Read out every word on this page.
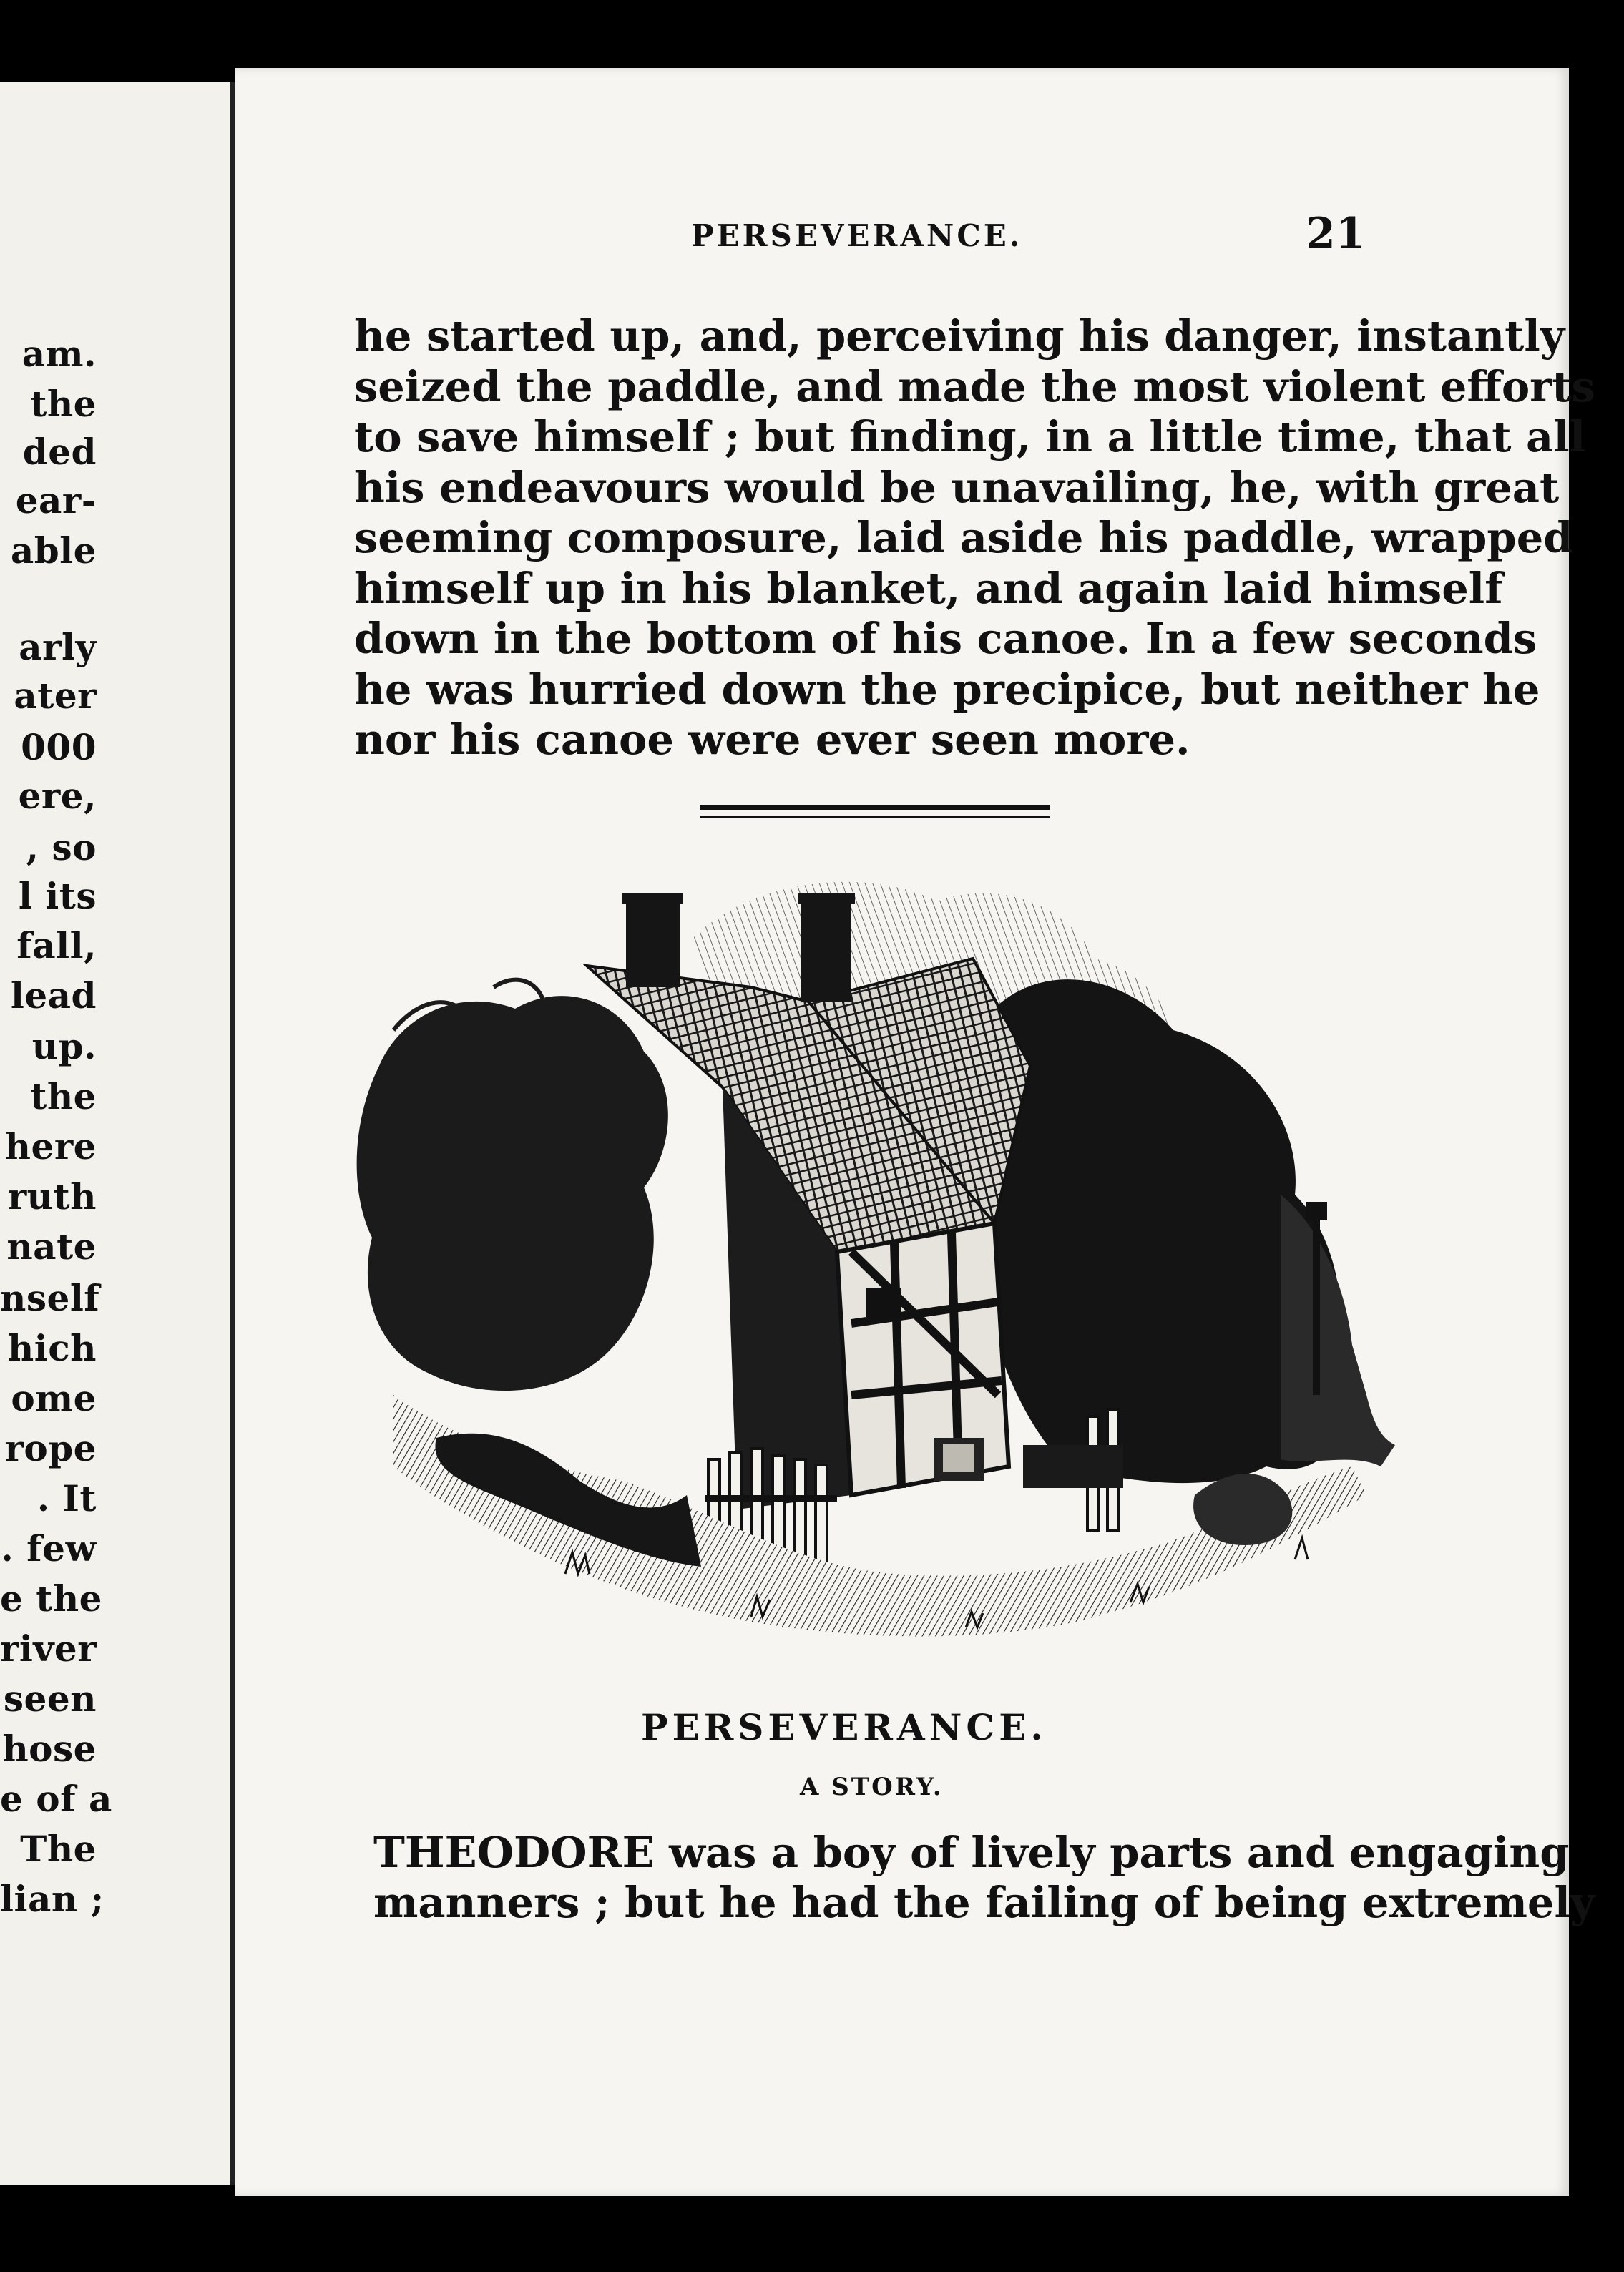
am.
the
ded
ear-
able
arly
ater
000
ere,
, so
l its
fall,
lead
up.
the
here
ruth
nate
nself
hich
ome
rope
. It
. few
e the
river
seen
hose
e of a
The
lian ;
PERSEVERANCE.	21
he started up, and, perceiving his danger, instantly
seized the paddle, and made the most violent efforts
to save himself ; but finding, in a little time, that all
his endeavours would be unavailing, he, with great
seeming composure, laid aside his paddle, wrapped
himself up in his blanket, and again laid himself
down in the bottom of his canoe. In a few seconds
he was hurried down the precipice, but neither he
nor his canoe were ever seen more.
PERSEVERANCE.
A STORY.
THEODORE was a boy of lively parts and engaging
manners ; but he had the failing of being extremely
